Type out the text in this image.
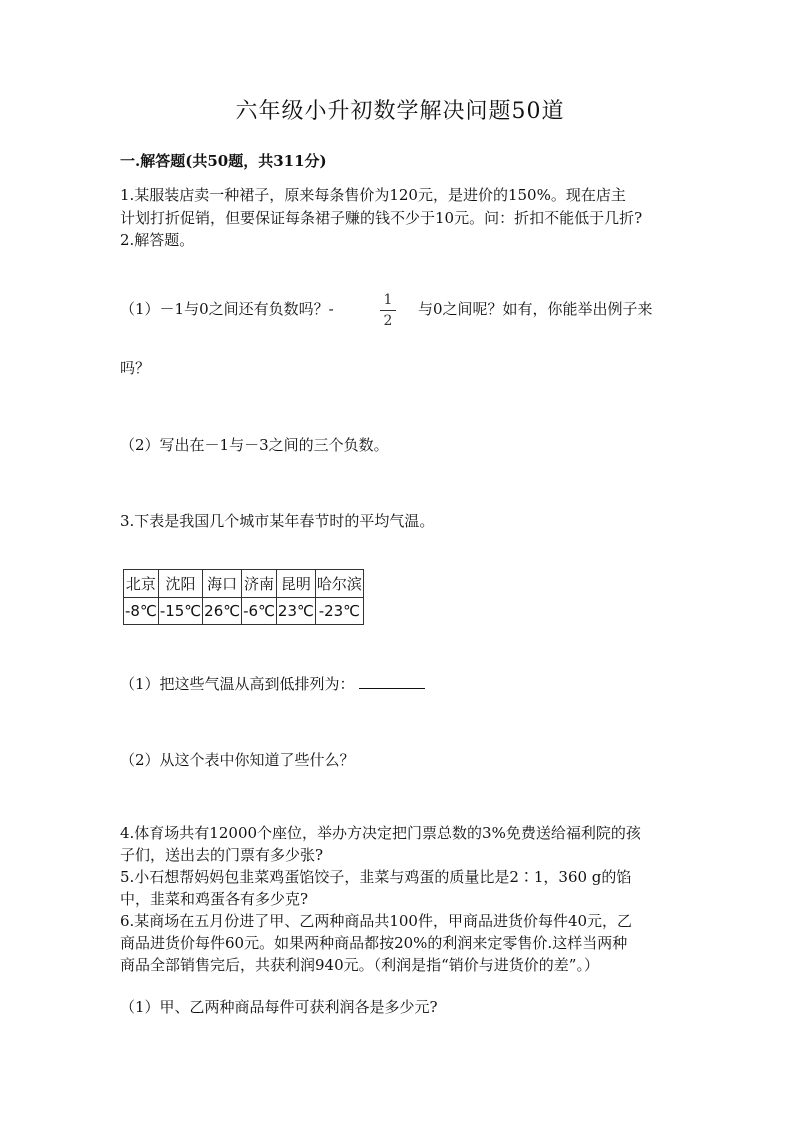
六年级小升初数学解决问题50道
一.解答题(共50题，共311分)
1.某服装店卖一种裙子，原来每条售价为120元，是进价的150%。现在店主
计划打折促销，但要保证每条裙子赚的钱不少于10元。问：折扣不能低于几折?
2.解答题。
（1）－1与0之间还有负数吗？-	1
2
与0之间呢？如有，你能举出例子来
吗？
（2）写出在－1与－3之间的三个负数。
3.下表是我国几个城市某年春节时的平均气温。
北京	沈阳	海口	济南	昆明	哈尔滨
-8℃	-15℃	26℃	-6℃	23℃	-23℃
（1）把这些气温从高到低排列为：
（2）从这个表中你知道了些什么？
4.体育场共有12000个座位，举办方决定把门票总数的3%免费送给福利院的孩
子们，送出去的门票有多少张?
5.小石想帮妈妈包韭菜鸡蛋馅饺子，韭菜与鸡蛋的质量比是2∶1，360 g的馅
中，韭菜和鸡蛋各有多少克?
6.某商场在五月份进了甲、乙两种商品共100件，甲商品进货价每件40元，乙
商品进货价每件60元。如果两种商品都按20%的利润来定零售价.这样当两种
商品全部销售完后，共获利润940元。（利润是指“销价与进货价的差”。）
（1）甲、乙两种商品每件可获利润各是多少元?
